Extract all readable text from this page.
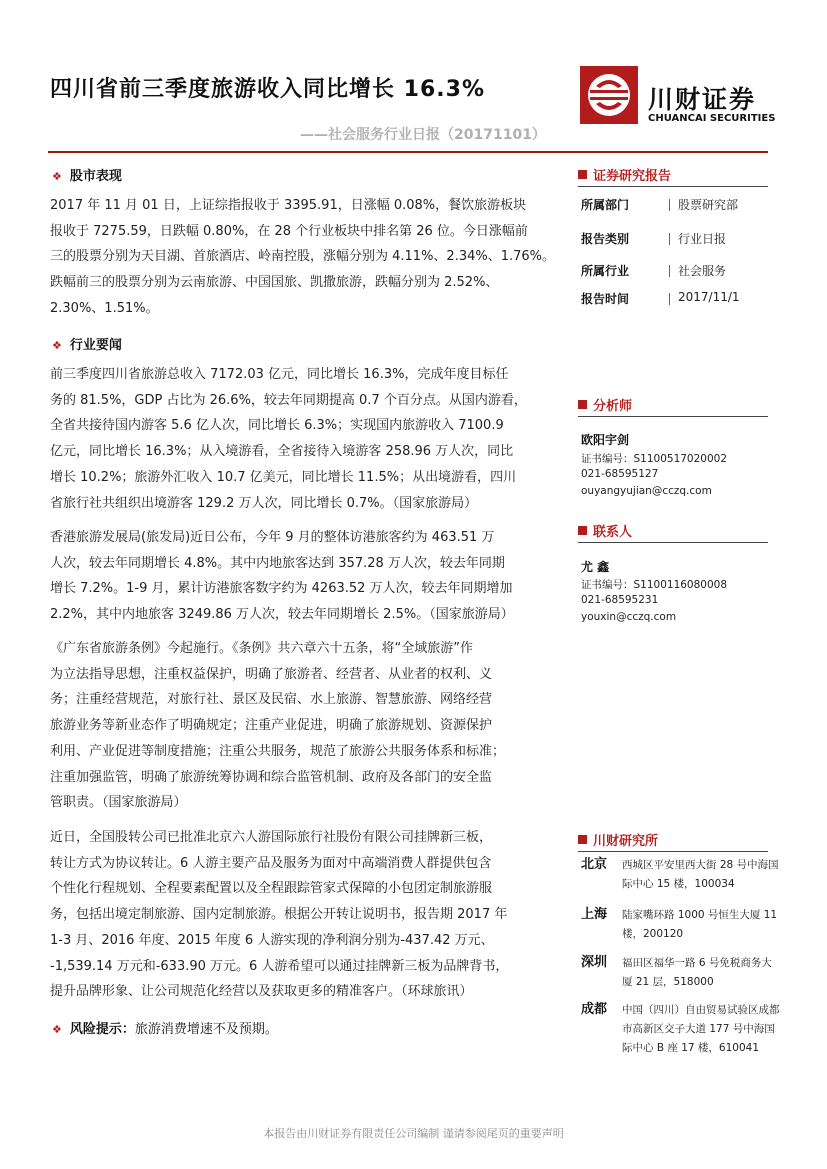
四川省前三季度旅游收入同比增长 16.3%
——社会服务行业日报（20171101）
川财证券
CHUANCAI SECURITIES
❖ 股市表现
2017 年 11 月 01 日，上证综指报收于 3395.91，日涨幅 0.08%，餐饮旅游板块
报收于 7275.59，日跌幅 0.80%，在 28 个行业板块中排名第 26 位。今日涨幅前
三的股票分别为天目湖、首旅酒店、岭南控股，涨幅分别为 4.11%、2.34%、1.76%。
跌幅前三的股票分别为云南旅游、中国国旅、凯撒旅游，跌幅分别为 2.52%、
2.30%、1.51%。
❖ 行业要闻
前三季度四川省旅游总收入 7172.03 亿元，同比增长 16.3%，完成年度目标任
务的 81.5%，GDP 占比为 26.6%，较去年同期提高 0.7 个百分点。从国内游看，
全省共接待国内游客 5.6 亿人次，同比增长 6.3%；实现国内旅游收入 7100.9
亿元，同比增长 16.3%；从入境游看，全省接待入境游客 258.96 万人次，同比
增长 10.2%；旅游外汇收入 10.7 亿美元，同比增长 11.5%；从出境游看，四川
省旅行社共组织出境游客 129.2 万人次，同比增长 0.7%。（国家旅游局）
香港旅游发展局(旅发局)近日公布，今年 9 月的整体访港旅客约为 463.51 万
人次，较去年同期增长 4.8%。其中内地旅客达到 357.28 万人次，较去年同期
增长 7.2%。1-9 月，累计访港旅客数字约为 4263.52 万人次，较去年同期增加
2.2%，其中内地旅客 3249.86 万人次，较去年同期增长 2.5%。（国家旅游局）
《广东省旅游条例》今起施行。《条例》共六章六十五条，将“全域旅游”作
为立法指导思想，注重权益保护，明确了旅游者、经营者、从业者的权利、义
务；注重经营规范，对旅行社、景区及民宿、水上旅游、智慧旅游、网络经营
旅游业务等新业态作了明确规定；注重产业促进，明确了旅游规划、资源保护
利用、产业促进等制度措施；注重公共服务，规范了旅游公共服务体系和标准；
注重加强监管，明确了旅游统筹协调和综合监管机制、政府及各部门的安全监
管职责。（国家旅游局）
近日，全国股转公司已批准北京六人游国际旅行社股份有限公司挂牌新三板，
转让方式为协议转让。6 人游主要产品及服务为面对中高端消费人群提供包含
个性化行程规划、全程要素配置以及全程跟踪管家式保障的小包团定制旅游服
务，包括出境定制旅游、国内定制旅游。根据公开转让说明书，报告期 2017 年
1-3 月、2016 年度、2015 年度 6 人游实现的净利润分别为-437.42 万元、
-1,539.14 万元和-633.90 万元。6 人游希望可以通过挂牌新三板为品牌背书，
提升品牌形象、让公司规范化经营以及获取更多的精准客户。（环球旅讯）
❖ 风险提示：旅游消费增速不及预期。
证券研究报告
所属部门	股票研究部
报告类别	行业日报
所属行业	社会服务
报告时间	2017/11/1
分析师
欧阳宇剑
证书编号：S1100517020002
021-68595127
ouyangyujian@cczq.com
联系人
尤 鑫
证书编号：S1100116080008
021-68595231
youxin@cczq.com
川财研究所
北京 西城区平安里西大街 28 号中海国际中心 15 楼，100034
上海 陆家嘴环路 1000 号恒生大厦 11 楼，200120
深圳 福田区福华一路 6 号免税商务大厦 21 层，518000
成都 中国（四川）自由贸易试验区成都市高新区交子大道 177 号中海国际中心 B 座 17 楼，610041
本报告由川财证券有限责任公司编制 谨请参阅尾页的重要声明
